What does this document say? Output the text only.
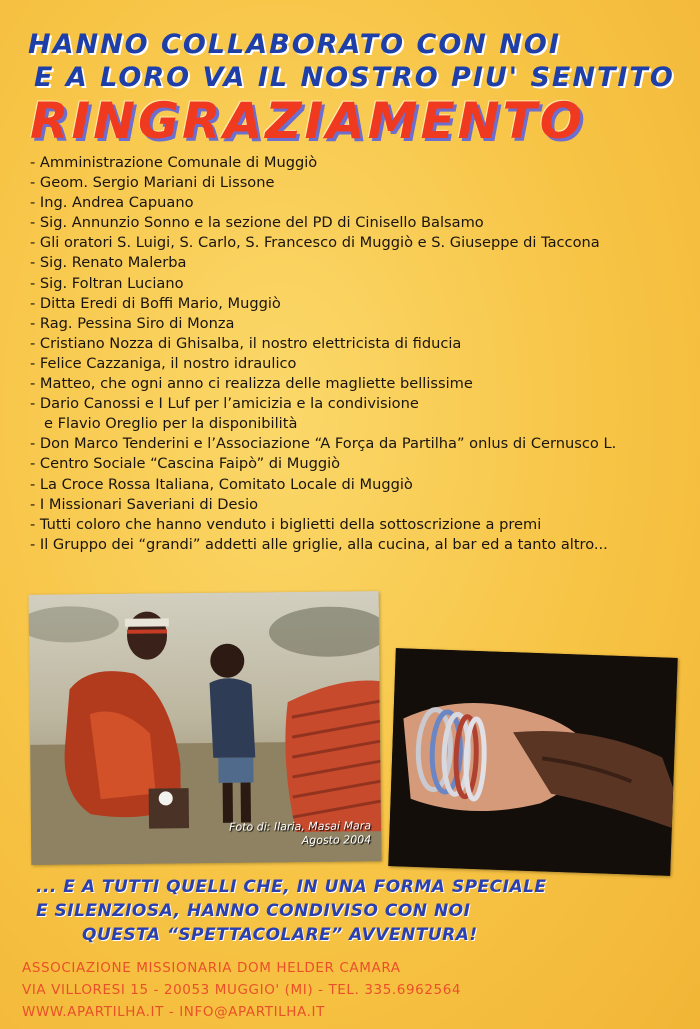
HANNO COLLABORATO CON NOI
E A LORO VA IL NOSTRO PIU' SENTITO
RINGRAZIAMENTO
- Amministrazione Comunale di Muggiò
- Geom. Sergio Mariani di Lissone
- Ing. Andrea Capuano
- Sig. Annunzio Sonno e la sezione del PD di Cinisello Balsamo
- Gli oratori S. Luigi, S. Carlo, S. Francesco di Muggiò e S. Giuseppe di Taccona
- Sig. Renato Malerba
- Sig. Foltran Luciano
- Ditta Eredi di Boffi Mario, Muggiò
- Rag. Pessina Siro di Monza
- Cristiano Nozza di Ghisalba, il nostro elettricista di fiducia
- Felice Cazzaniga, il nostro idraulico
- Matteo, che ogni anno ci realizza delle magliette bellissime
- Dario Canossi e I Luf per l’amicizia e la condivisione
e Flavio Oreglio per la disponibilità
- Don Marco Tenderini e l’Associazione “A Força da Partilha” onlus di Cernusco L.
- Centro Sociale “Cascina Faipò” di Muggiò
- La Croce Rossa Italiana, Comitato Locale di Muggiò
- I Missionari Saveriani di Desio
- Tutti coloro che hanno venduto i biglietti della sottoscrizione a premi
- Il Gruppo dei “grandi” addetti alle griglie, alla cucina, al bar ed a tanto altro...
Foto di: Ilaria, Masai Mara
Agosto 2004
... E A TUTTI QUELLI CHE, IN UNA FORMA SPECIALE
E SILENZIOSA, HANNO CONDIVISO CON NOI
QUESTA “SPETTACOLARE” AVVENTURA!
ASSOCIAZIONE MISSIONARIA DOM HELDER CAMARA
VIA VILLORESI 15 - 20053 MUGGIO' (MI) - TEL. 335.6962564
WWW.APARTILHA.IT - INFO@APARTILHA.IT
